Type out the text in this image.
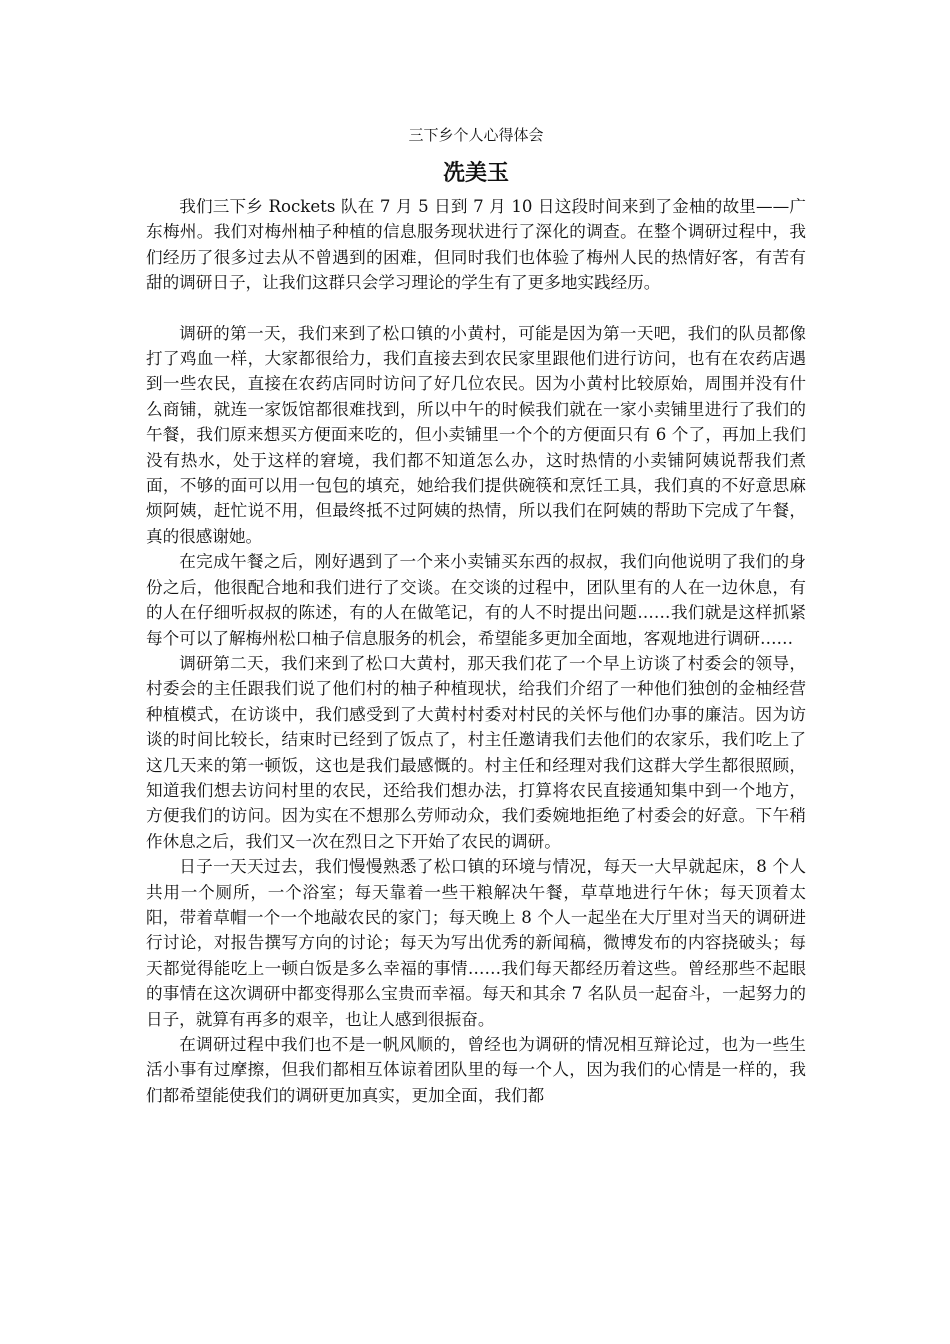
三下乡个人心得体会

冼美玉

我们三下乡 Rockets 队在 7 月 5 日到 7 月 10 日这段时间来到了金柚的故里——广东梅州。我们对梅州柚子种植的信息服务现状进行了深化的调查。在整个调研过程中，我们经历了很多过去从不曾遇到的困难，但同时我们也体验了梅州人民的热情好客，有苦有甜的调研日子，让我们这群只会学习理论的学生有了更多地实践经历。

调研的第一天，我们来到了松口镇的小黄村，可能是因为第一天吧，我们的队员都像打了鸡血一样，大家都很给力，我们直接去到农民家里跟他们进行访问，也有在农药店遇到一些农民，直接在农药店同时访问了好几位农民。因为小黄村比较原始，周围并没有什么商铺，就连一家饭馆都很难找到，所以中午的时候我们就在一家小卖铺里进行了我们的午餐，我们原来想买方便面来吃的，但小卖铺里一个个的方便面只有 6 个了，再加上我们没有热水，处于这样的窘境，我们都不知道怎么办，这时热情的小卖铺阿姨说帮我们煮面，不够的面可以用一包包的填充，她给我们提供碗筷和烹饪工具，我们真的不好意思麻烦阿姨，赶忙说不用，但最终抵不过阿姨的热情，所以我们在阿姨的帮助下完成了午餐，真的很感谢她。

在完成午餐之后，刚好遇到了一个来小卖铺买东西的叔叔，我们向他说明了我们的身份之后，他很配合地和我们进行了交谈。在交谈的过程中，团队里有的人在一边休息，有的人在仔细听叔叔的陈述，有的人在做笔记，有的人不时提出问题……我们就是这样抓紧每个可以了解梅州松口柚子信息服务的机会，希望能多更加全面地，客观地进行调研……

调研第二天，我们来到了松口大黄村，那天我们花了一个早上访谈了村委会的领导，村委会的主任跟我们说了他们村的柚子种植现状，给我们介绍了一种他们独创的金柚经营种植模式，在访谈中，我们感受到了大黄村村委对村民的关怀与他们办事的廉洁。因为访谈的时间比较长，结束时已经到了饭点了，村主任邀请我们去他们的农家乐，我们吃上了这几天来的第一顿饭，这也是我们最感慨的。村主任和经理对我们这群大学生都很照顾，知道我们想去访问村里的农民，还给我们想办法，打算将农民直接通知集中到一个地方，方便我们的访问。因为实在不想那么劳师动众，我们委婉地拒绝了村委会的好意。下午稍作休息之后，我们又一次在烈日之下开始了农民的调研。

日子一天天过去，我们慢慢熟悉了松口镇的环境与情况，每天一大早就起床，8 个人共用一个厕所，一个浴室；每天靠着一些干粮解决午餐，草草地进行午休；每天顶着太阳，带着草帽一个一个地敲农民的家门；每天晚上 8 个人一起坐在大厅里对当天的调研进行讨论，对报告撰写方向的讨论；每天为写出优秀的新闻稿，微博发布的内容挠破头；每天都觉得能吃上一顿白饭是多么幸福的事情……我们每天都经历着这些。曾经那些不起眼的事情在这次调研中都变得那么宝贵而幸福。每天和其余 7 名队员一起奋斗，一起努力的日子，就算有再多的艰辛，也让人感到很振奋。

在调研过程中我们也不是一帆风顺的，曾经也为调研的情况相互辩论过，也为一些生活小事有过摩擦，但我们都相互体谅着团队里的每一个人，因为我们的心情是一样的，我们都希望能使我们的调研更加真实，更加全面，我们都
